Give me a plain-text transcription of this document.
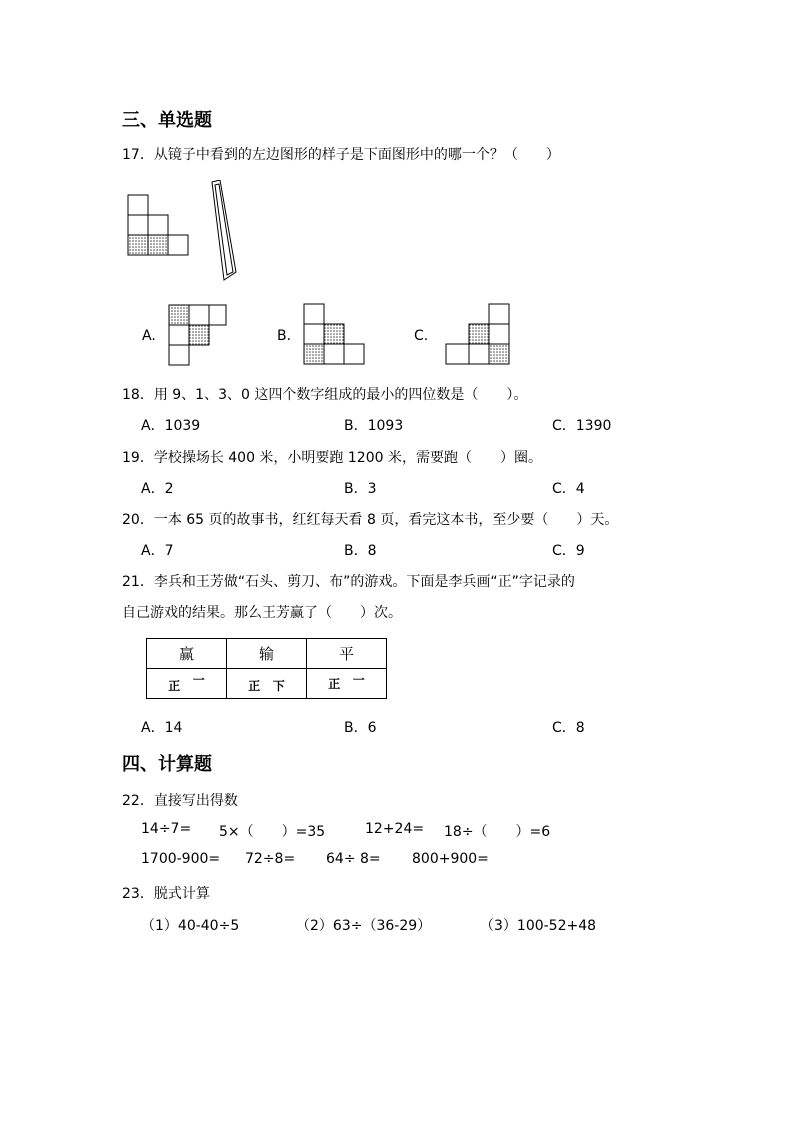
三、单选题
17．从镜子中看到的左边图形的样子是下面图形中的哪一个？（　　）
A.	B.	C.
18．用 9、1、3、0 这四个数字组成的最小的四位数是（　　）。
A．1039	B．1093	C．1390
19．学校操场长 400 米，小明要跑 1200 米，需要跑（　　）圈。
A．2	B．3	C．4
20．一本 65 页的故事书，红红每天看 8 页，看完这本书，至少要（　　）天。
A．7	B．8	C．9
21．李兵和王芳做“石头、剪刀、布”的游戏。下面是李兵画“正”字记录的
自己游戏的结果。那么王芳赢了（　　）次。
赢	输	平
正 一	正 下	正 一
A．14	B．6	C．8
四、计算题
22．直接写出得数
14÷7= 5×（　　）=35	12+24= 18÷（　　）=6
1700-900= 72÷8= 64÷ 8= 800+900=
23．脱式计算
（1）40-40÷5	（2）63÷（36-29）	（3）100-52+48
